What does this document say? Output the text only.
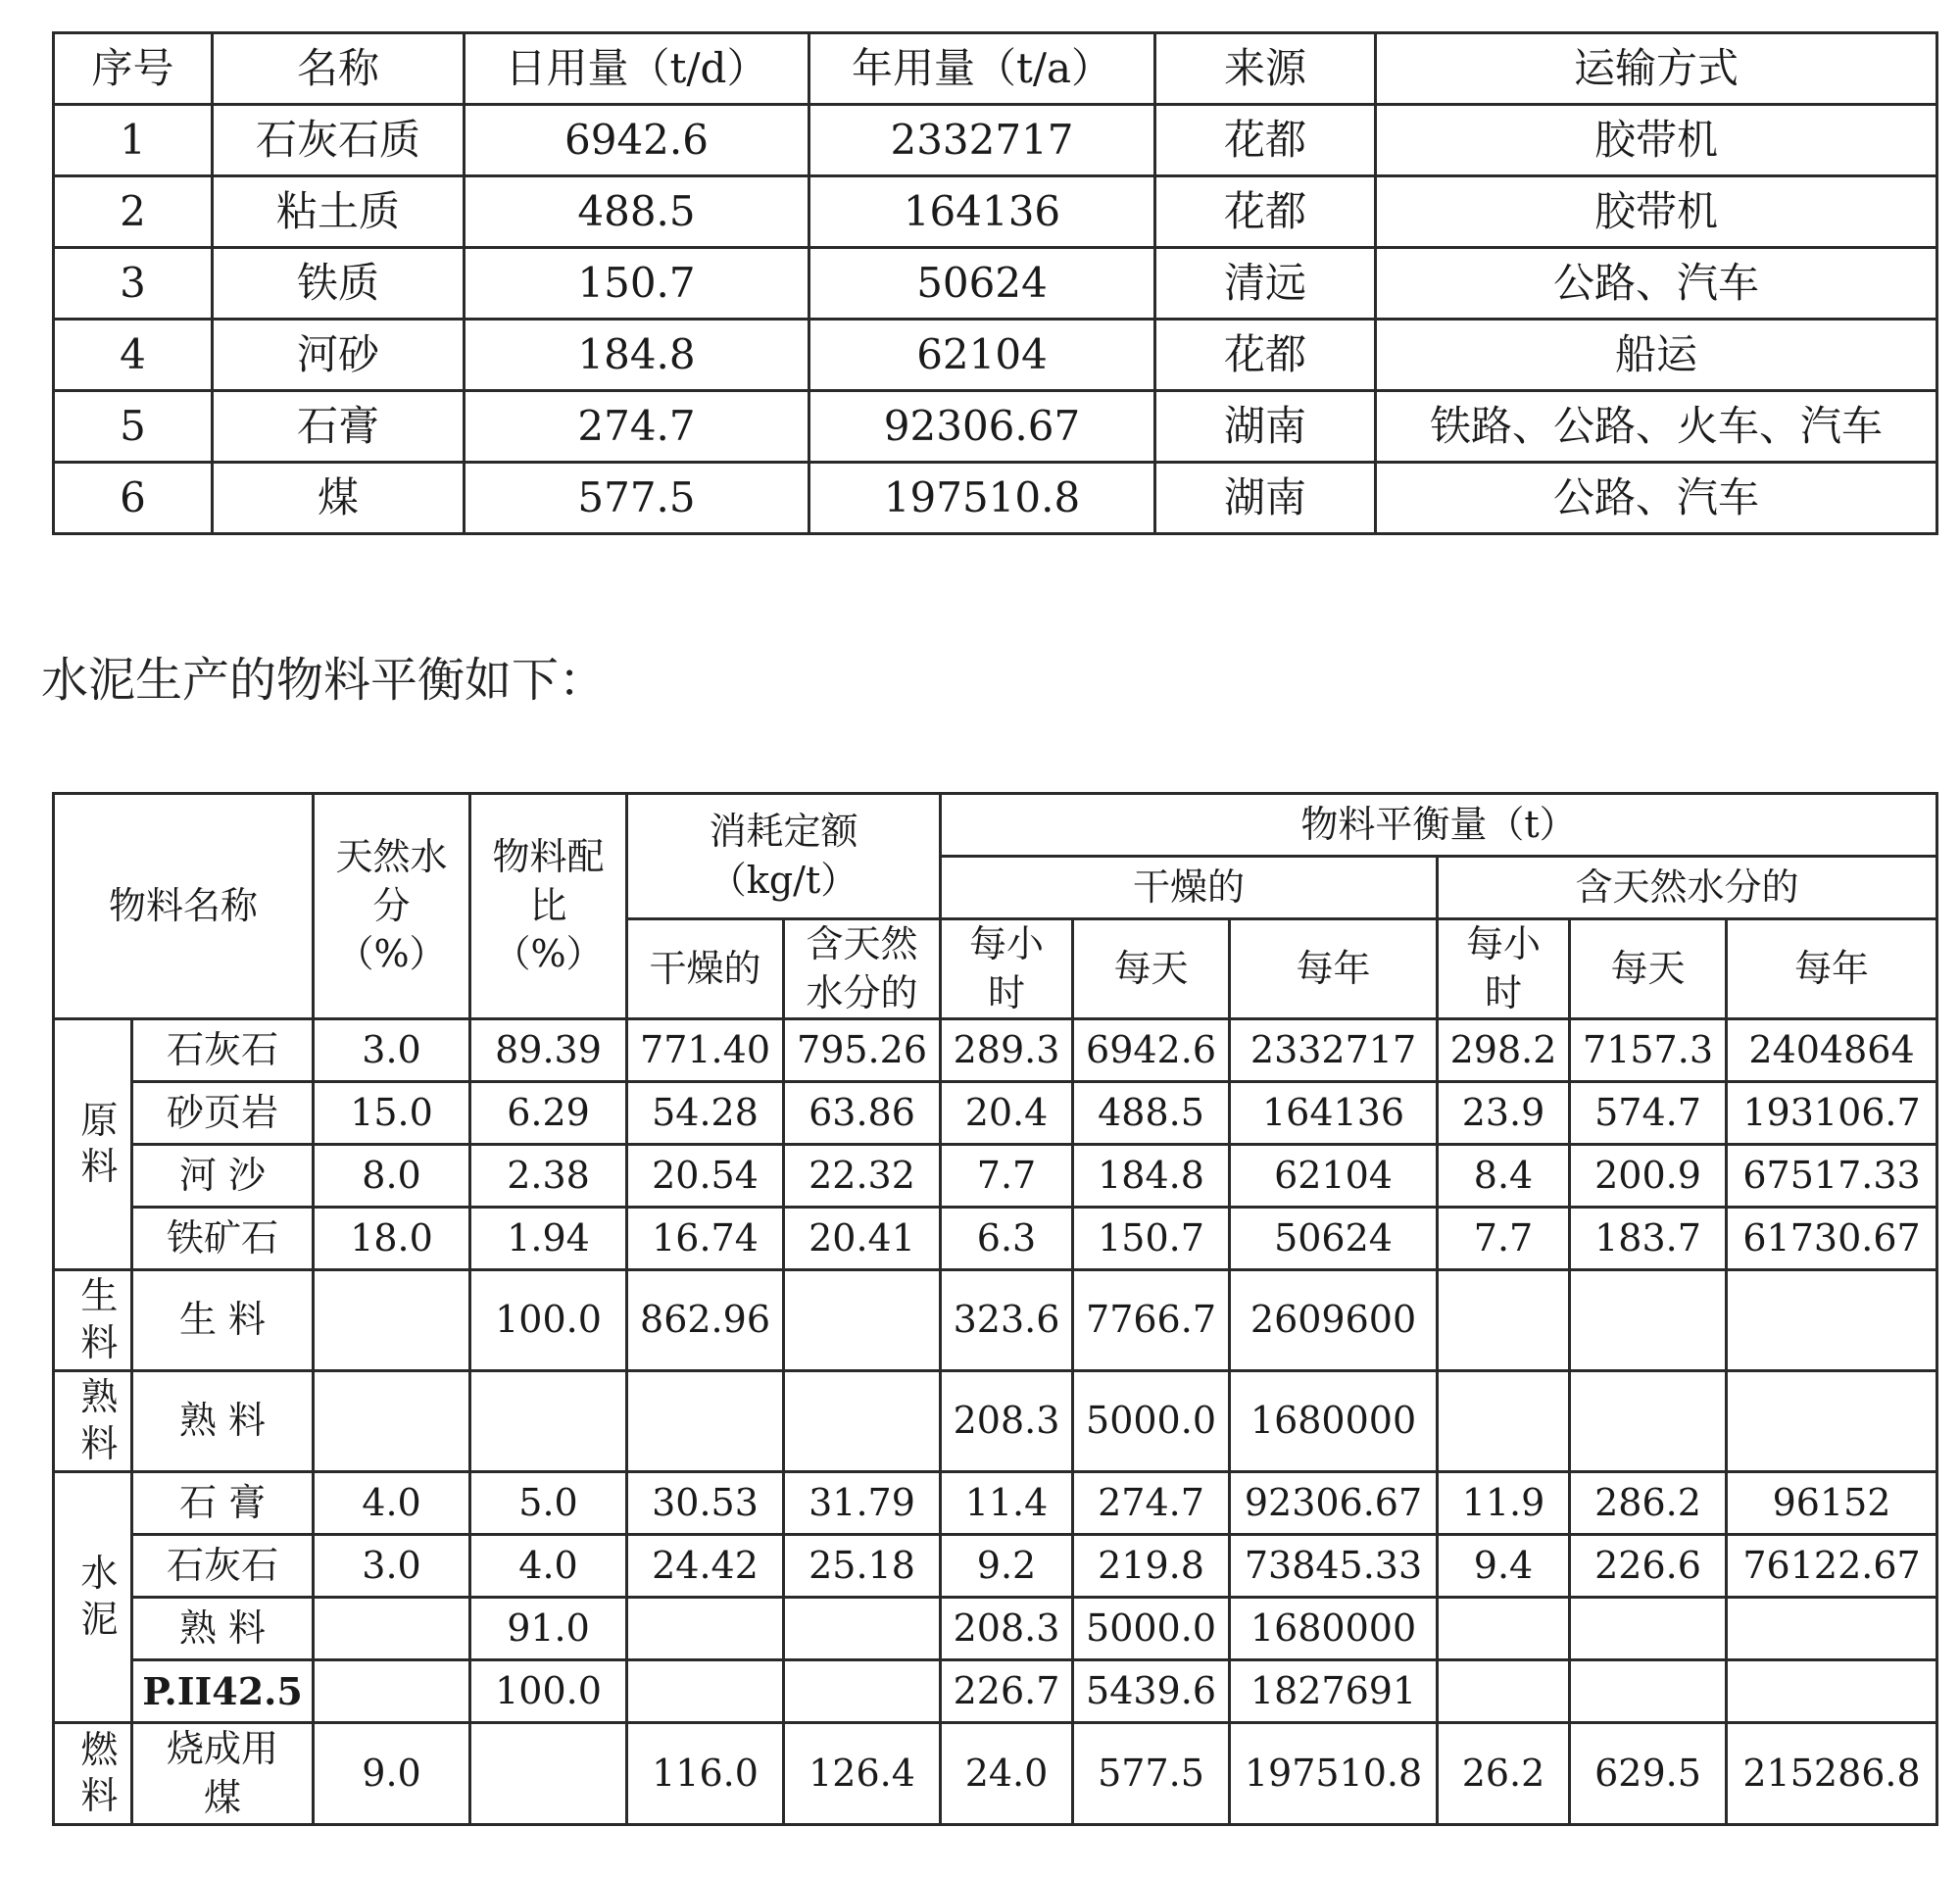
序号	名称	日用量（t/d）	年用量（t/a）	来源	运输方式
1	石灰石质	6942.6	2332717	花都	胶带机
2	粘土质	488.5	164136	花都	胶带机
3	铁质	150.7	50624	清远	公路、汽车
4	河砂	184.8	62104	花都	船运
5	石膏	274.7	92306.67	湖南	铁路、公路、火车、汽车
6	煤	577.5	197510.8	湖南	公路、汽车
水泥生产的物料平衡如下：
物料名称		天然水分（%）	物料配比（%）	消耗定额（kg/t）		物料平衡量（t）					
						干燥的			含天然水分的		
				干燥的	含天然水分的	每小时	每天	每年	每小时	每天	每年
原料	石灰石	3.0	89.39	771.40	795.26	289.3	6942.6	2332717	298.2	7157.3	2404864
	砂页岩	15.0	6.29	54.28	63.86	20.4	488.5	164136	23.9	574.7	193106.7
	河 沙	8.0	2.38	20.54	22.32	7.7	184.8	62104	8.4	200.9	67517.33
	铁矿石	18.0	1.94	16.74	20.41	6.3	150.7	50624	7.7	183.7	61730.67
生料	生 料		100.0	862.96		323.6	7766.7	2609600			
熟料	熟 料					208.3	5000.0	1680000			
水泥	石 膏	4.0	5.0	30.53	31.79	11.4	274.7	92306.67	11.9	286.2	96152
	石灰石	3.0	4.0	24.42	25.18	9.2	219.8	73845.33	9.4	226.6	76122.67
	熟 料		91.0			208.3	5000.0	1680000			
	P.II42.5		100.0			226.7	5439.6	1827691			
燃料	烧成用煤	9.0		116.0	126.4	24.0	577.5	197510.8	26.2	629.5	215286.8
